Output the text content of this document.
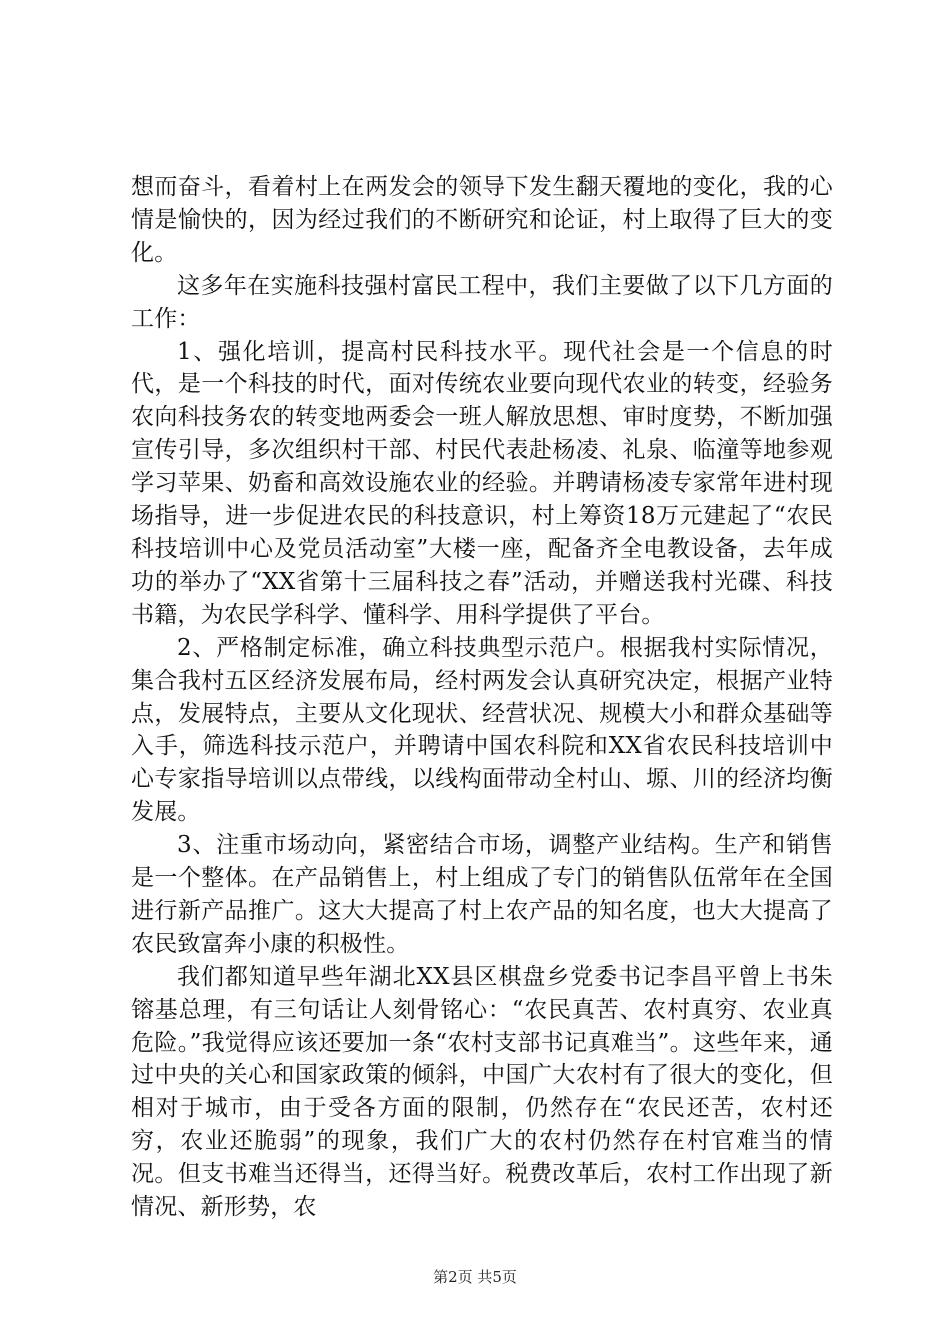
想而奋斗，看着村上在两发会的领导下发生翻天覆地的变化，我的心情是愉快的，因为经过我们的不断研究和论证，村上取得了巨大的变化。

这多年在实施科技强村富民工程中，我们主要做了以下几方面的工作：

1、强化培训，提高村民科技水平。现代社会是一个信息的时代，是一个科技的时代，面对传统农业要向现代农业的转变，经验务农向科技务农的转变地两委会一班人解放思想、审时度势，不断加强宣传引导，多次组织村干部、村民代表赴杨凌、礼泉、临潼等地参观学习苹果、奶畜和高效设施农业的经验。并聘请杨凌专家常年进村现场指导，进一步促进农民的科技意识，村上筹资18万元建起了“农民科技培训中心及党员活动室”大楼一座，配备齐全电教设备，去年成功的举办了“XX省第十三届科技之春”活动，并赠送我村光碟、科技书籍，为农民学科学、懂科学、用科学提供了平台。

2、严格制定标准，确立科技典型示范户。根据我村实际情况，集合我村五区经济发展布局，经村两发会认真研究决定，根据产业特点，发展特点，主要从文化现状、经营状况、规模大小和群众基础等入手，筛选科技示范户，并聘请中国农科院和XX省农民科技培训中心专家指导培训以点带线，以线构面带动全村山、塬、川的经济均衡发展。

3、注重市场动向，紧密结合市场，调整产业结构。生产和销售是一个整体。在产品销售上，村上组成了专门的销售队伍常年在全国进行新产品推广。这大大提高了村上农产品的知名度，也大大提高了农民致富奔小康的积极性。

我们都知道早些年湖北XX县区棋盘乡党委书记李昌平曾上书朱镕基总理，有三句话让人刻骨铭心：“农民真苦、农村真穷、农业真危险。”我觉得应该还要加一条“农村支部书记真难当”。这些年来，通过中央的关心和国家政策的倾斜，中国广大农村有了很大的变化，但相对于城市，由于受各方面的限制，仍然存在“农民还苦，农村还穷，农业还脆弱”的现象，我们广大的农村仍然存在村官难当的情况。但支书难当还得当，还得当好。税费改革后，农村工作出现了新情况、新形势，农

第2页 共5页
